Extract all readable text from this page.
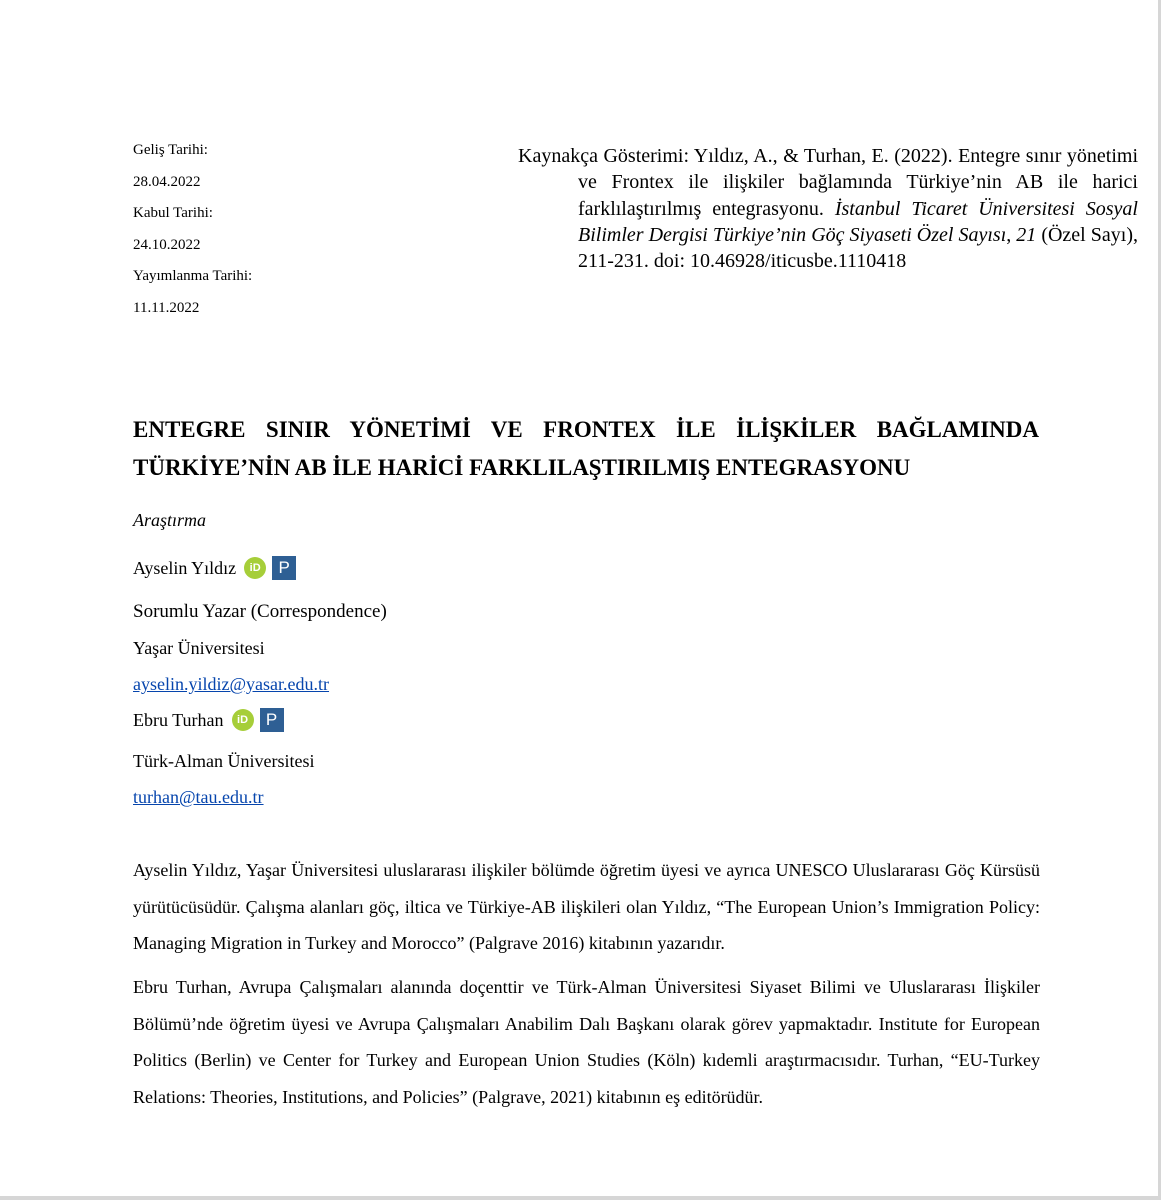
Geliş Tarihi:
28.04.2022
Kabul Tarihi:
24.10.2022
Yayımlanma Tarihi:
11.11.2022
Kaynakça Gösterimi: Yıldız, A., & Turhan, E. (2022). Entegre sınır yönetimi ve Frontex ile ilişkiler bağlamında Türkiye’nin AB ile harici farklılaştırılmış entegrasyonu. İstanbul Ticaret Üniversitesi Sosyal Bilimler Dergisi Türkiye’nin Göç Siyaseti Özel Sayısı, 21 (Özel Sayı), 211-231. doi: 10.46928/iticusbe.1110418
ENTEGRE SINIR YÖNETİMİ VE FRONTEX İLE İLİŞKİLER BAĞLAMINDA
TÜRKİYE’NİN AB İLE HARİCİ FARKLILAŞTIRILMIŞ ENTEGRASYONU
Araştırma
Ayselin Yıldız	iD	P
Sorumlu Yazar (Correspondence)
Yaşar Üniversitesi
ayselin.yildiz@yasar.edu.tr
Ebru Turhan	iD	P
Türk-Alman Üniversitesi
turhan@tau.edu.tr
Ayselin Yıldız, Yaşar Üniversitesi uluslararası ilişkiler bölümde öğretim üyesi ve ayrıca UNESCO Uluslararası Göç Kürsüsü yürütücüsüdür. Çalışma alanları göç, iltica ve Türkiye-AB ilişkileri olan Yıldız, “The European Union’s Immigration Policy: Managing Migration in Turkey and Morocco” (Palgrave 2016) kitabının yazarıdır.
Ebru Turhan, Avrupa Çalışmaları alanında doçenttir ve Türk-Alman Üniversitesi Siyaset Bilimi ve Uluslararası İlişkiler Bölümü’nde öğretim üyesi ve Avrupa Çalışmaları Anabilim Dalı Başkanı olarak görev yapmaktadır. Institute for European Politics (Berlin) ve Center for Turkey and European Union Studies (Köln) kıdemli araştırmacısıdır. Turhan, “EU-Turkey Relations: Theories, Institutions, and Policies” (Palgrave, 2021) kitabının eş editörüdür.
